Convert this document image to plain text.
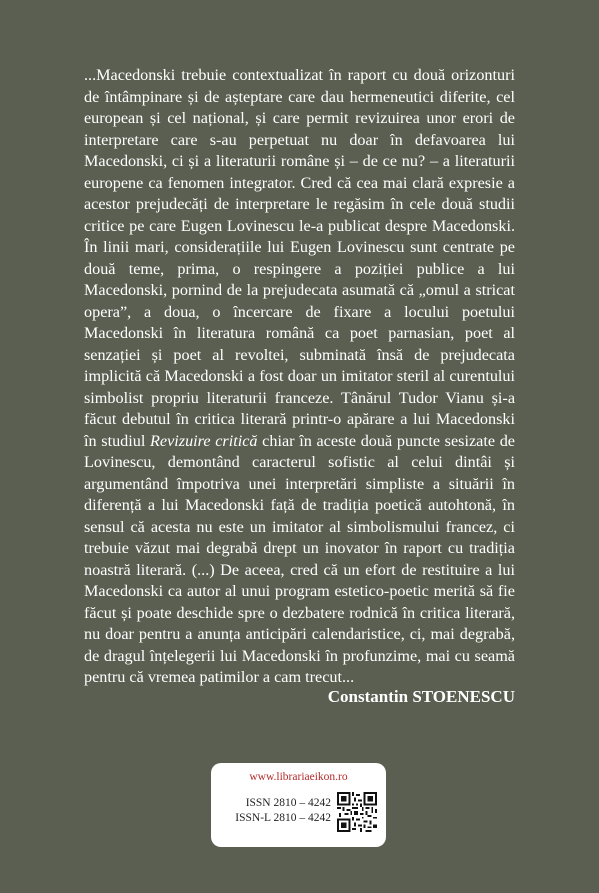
...Macedonski trebuie contextualizat în raport cu două orizonturi de întâmpinare și de așteptare care dau hermeneutici diferite, cel european și cel național, și care permit revizuirea unor erori de interpretare care s-au perpetuat nu doar în defavoarea lui Macedonski, ci și a literaturii române și – de ce nu? – a literaturii europene ca fenomen integrator. Cred că cea mai clară expresie a acestor prejudecăți de interpretare le regăsim în cele două studii critice pe care Eugen Lovinescu le-a publicat despre Macedonski. În linii mari, considerațiile lui Eugen Lovinescu sunt centrate pe două teme, prima, o respingere a poziției publice a lui Macedonski, pornind de la prejudecata asumată că „omul a stricat opera”, a doua, o încercare de fixare a locului poetului Macedonski în literatura română ca poet parnasian, poet al senzației și poet al revoltei, subminată însă de prejudecata implicită că Macedonski a fost doar un imitator steril al curentului simbolist propriu literaturii franceze. Tânărul Tudor Vianu și-a făcut debutul în critica literară printr-o apărare a lui Macedonski în studiul Revizuire critică chiar în aceste două puncte sesizate de Lovinescu, demontând caracterul sofistic al celui dintâi și argumentând împotriva unei interpretări simpliste a situării în diferență a lui Macedonski față de tradiția poetică autohtonă, în sensul că acesta nu este un imitator al simbolismului francez, ci trebuie văzut mai degrabă drept un inovator în raport cu tradiția noastră literară. (...) De aceea, cred că un efort de restituire a lui Macedonski ca autor al unui program estetico-poetic merită să fie făcut și poate deschide spre o dezbatere rodnică în critica literară, nu doar pentru a anunța anticipări calendaristice, ci, mai degrabă, de dragul înțelegerii lui Macedonski în profunzime, mai cu seamă pentru că vremea patimilor a cam trecut...

Constantin STOENESCU
www.librariaeikon.ro
ISSN 2810 – 4242
ISSN-L 2810 – 4242
